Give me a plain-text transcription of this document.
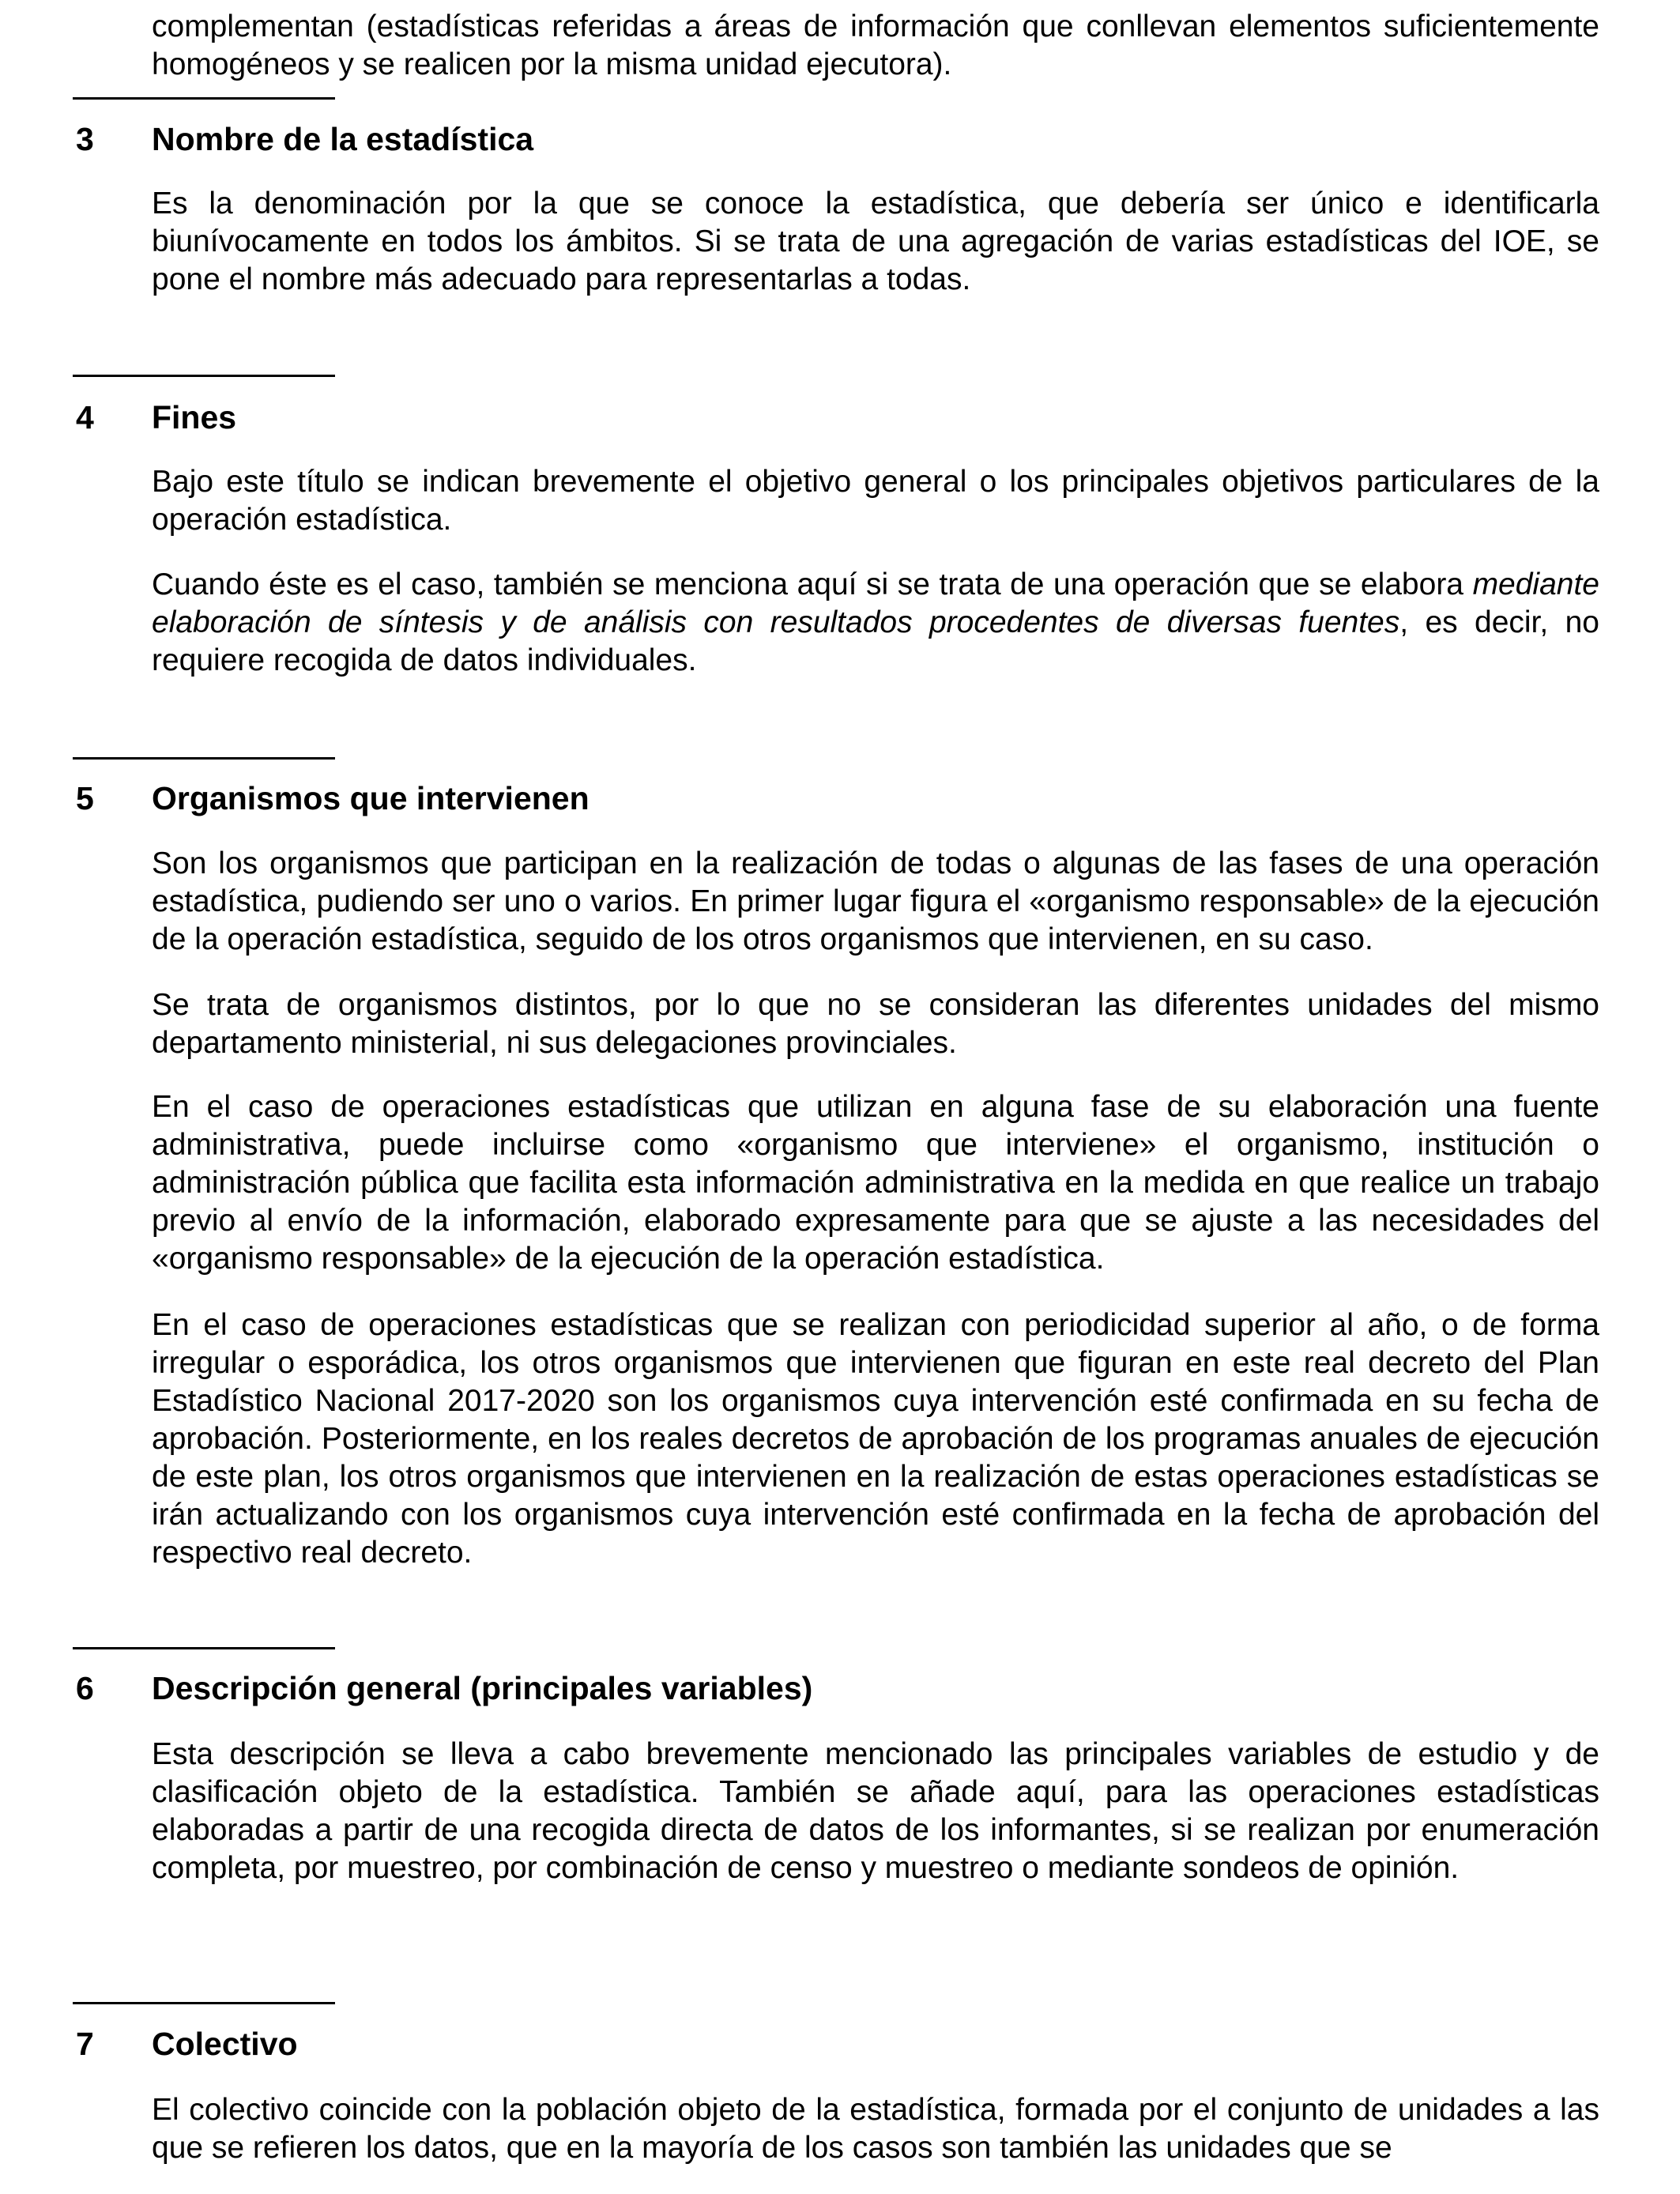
complementan (estadísticas referidas a áreas de información que conllevan elementos suficientemente homogéneos y se realicen por la misma unidad ejecutora).

3 Nombre de la estadística

Es la denominación por la que se conoce la estadística, que debería ser único e identificarla biunívocamente en todos los ámbitos. Si se trata de una agregación de varias estadísticas del IOE, se pone el nombre más adecuado para representarlas a todas.

4 Fines

Bajo este título se indican brevemente el objetivo general o los principales objetivos particulares de la operación estadística.

Cuando éste es el caso, también se menciona aquí si se trata de una operación que se elabora mediante elaboración de síntesis y de análisis con resultados procedentes de diversas fuentes, es decir, no requiere recogida de datos individuales.

5 Organismos que intervienen

Son los organismos que participan en la realización de todas o algunas de las fases de una operación estadística, pudiendo ser uno o varios. En primer lugar figura el «organismo responsable» de la ejecución de la operación estadística, seguido de los otros organismos que intervienen, en su caso.

Se trata de organismos distintos, por lo que no se consideran las diferentes unidades del mismo departamento ministerial, ni sus delegaciones provinciales.

En el caso de operaciones estadísticas que utilizan en alguna fase de su elaboración una fuente administrativa, puede incluirse como «organismo que interviene» el organismo, institución o administración pública que facilita esta información administrativa en la medida en que realice un trabajo previo al envío de la información, elaborado expresamente para que se ajuste a las necesidades del «organismo responsable» de la ejecución de la operación estadística.

En el caso de operaciones estadísticas que se realizan con periodicidad superior al año, o de forma irregular o esporádica, los otros organismos que intervienen que figuran en este real decreto del Plan Estadístico Nacional 2017-2020 son los organismos cuya intervención esté confirmada en su fecha de aprobación. Posteriormente, en los reales decretos de aprobación de los programas anuales de ejecución de este plan, los otros organismos que intervienen en la realización de estas operaciones estadísticas se irán actualizando con los organismos cuya intervención esté confirmada en la fecha de aprobación del respectivo real decreto.

6 Descripción general (principales variables)

Esta descripción se lleva a cabo brevemente mencionado las principales variables de estudio y de clasificación objeto de la estadística. También se añade aquí, para las operaciones estadísticas elaboradas a partir de una recogida directa de datos de los informantes, si se realizan por enumeración completa, por muestreo, por combinación de censo y muestreo o mediante sondeos de opinión.

7 Colectivo

El colectivo coincide con la población objeto de la estadística, formada por el conjunto de unidades a las que se refieren los datos, que en la mayoría de los casos son también las unidades que se
